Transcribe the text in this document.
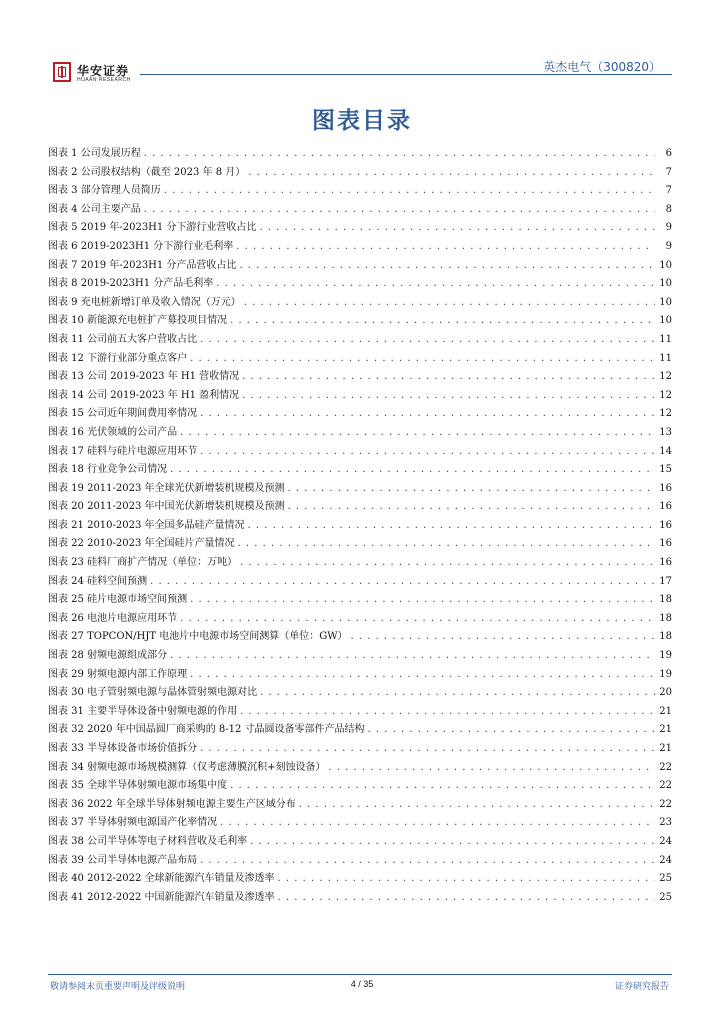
华安证券
HUAAN RESEARCH
英杰电气（300820）
图表目录
图表 1 公司发展历程 . . .	6
图表 2 公司股权结构（截至 2023 年 8 月） . . .	7
图表 3 部分管理人员简历 . . .	7
图表 4 公司主要产品 . . .	8
图表 5 2019 年-2023H1 分下游行业营收占比 . . .	9
图表 6 2019-2023H1 分下游行业毛利率 . . .	9
图表 7 2019 年-2023H1 分产品营收占比 . . .	10
图表 8 2019-2023H1 分产品毛利率 . . .	10
图表 9 充电桩新增订单及收入情况（万元） . . .	10
图表 10 新能源充电桩扩产募投项目情况 . . .	10
图表 11 公司前五大客户营收占比 . . .	11
图表 12 下游行业部分重点客户 . . .	11
图表 13 公司 2019-2023 年 H1 营收情况 . . .	12
图表 14 公司 2019-2023 年 H1 盈利情况 . . .	12
图表 15 公司近年期间费用率情况 . . .	12
图表 16 光伏领域的公司产品 . . .	13
图表 17 硅料与硅片电源应用环节 . . .	14
图表 18 行业竞争公司情况 . . .	15
图表 19 2011-2023 年全球光伏新增装机规模及预测 . . .	16
图表 20 2011-2023 年中国光伏新增装机规模及预测 . . .	16
图表 21 2010-2023 年全国多晶硅产量情况 . . .	16
图表 22 2010-2023 年全国硅片产量情况 . . .	16
图表 23 硅料厂商扩产情况（单位：万吨） . . .	16
图表 24 硅料空间预测 . . .	17
图表 25 硅片电源市场空间预测 . . .	18
图表 26 电池片电源应用环节 . . .	18
图表 27 TOPCON/HJT 电池片中电源市场空间测算（单位：GW） . . .	18
图表 28 射频电源组成部分 . . .	19
图表 29 射频电源内部工作原理 . . .	19
图表 30 电子管射频电源与晶体管射频电源对比 . . .	20
图表 31 主要半导体设备中射频电源的作用 . . .	21
图表 32 2020 年中国晶圆厂商采购的 8-12 寸晶圆设备零部件产品结构 . . .	21
图表 33 半导体设备市场价值拆分 . . .	21
图表 34 射频电源市场规模测算（仅考虑薄膜沉积+刻蚀设备） . . .	22
图表 35 全球半导体射频电源市场集中度 . . .	22
图表 36 2022 年全球半导体射频电源主要生产区域分布 . . .	22
图表 37 半导体射频电源国产化率情况 . . .	23
图表 38 公司半导体等电子材料营收及毛利率 . . .	24
图表 39 公司半导体电源产品布局 . . .	24
图表 40 2012-2022 全球新能源汽车销量及渗透率 . . .	25
图表 41 2012-2022 中国新能源汽车销量及渗透率 . . .	25
敬请参阅末页重要声明及评级说明	4 / 35	证券研究报告
